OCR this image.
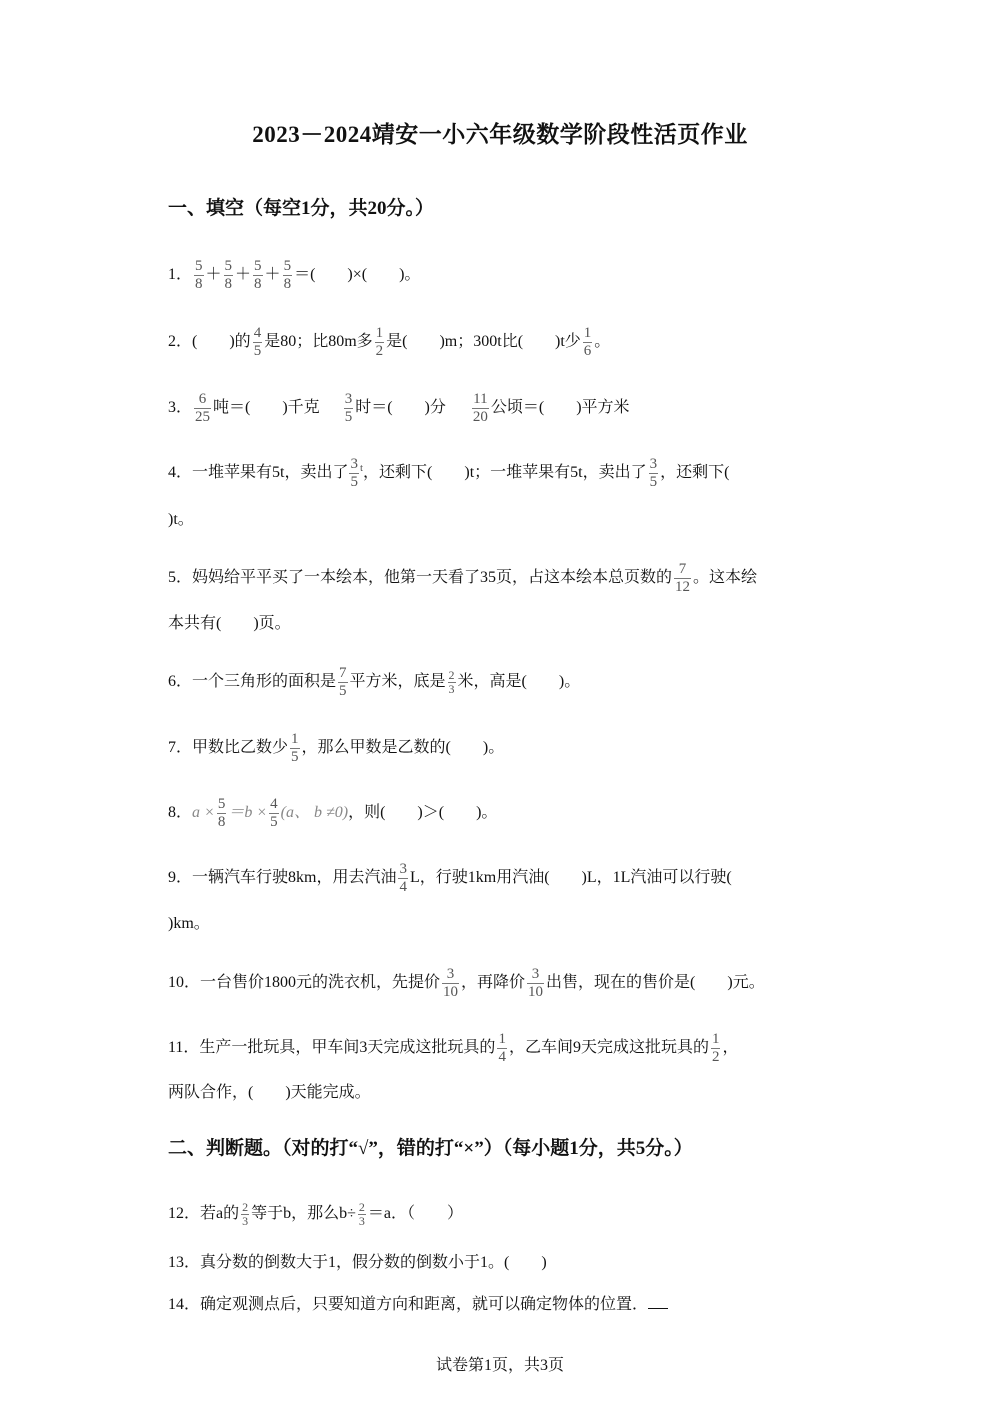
2023－2024靖安一小六年级数学阶段性活页作业
一、填空（每空1分，共20分。）
1． $\frac{5}{8} + \frac{5}{8} + \frac{5}{8} + \frac{5}{8}$ ＝(　　)×(　　)。
2．(　　)的 $\frac{4}{5}$ 是80；比80m多 $\frac{1}{2}$ 是(　　)m；300t比(　　)t少 $\frac{1}{6}$ 。
3． $\frac{6}{25}$ 吨＝(　　)千克 $\frac{3}{5}$ 时＝(　　)分 $\frac{11}{20}$ 公顷＝(　　)平方米
4．一堆苹果有5t，卖出了 $\frac{3}{5} ^t$，还剩下(　　)t；一堆苹果有5t，卖出了 $\frac{3}{5}$ ，还剩下(
)t。
5．妈妈给平平买了一本绘本，他第一天看了35页，占这本绘本总页数的 $\frac{7}{12}$ 。这本绘
本共有(　　)页。
6．一个三角形的面积是 $\frac{7}{5}$ 平方米，底是 $\frac{2}{3}$ 米，高是(　　)。
7．甲数比乙数少 $\frac{1}{5}$ ，那么甲数是乙数的(　　)。
8．$a \times \frac{5}{8} =b \times \frac{4}{5} (a$、 b ≠0)，则(　　)＞(　　)。
9．一辆汽车行驶8km，用去汽油 $\frac{3}{4}$ L，行驶1km用汽油(　　)L，1L汽油可以行驶(
)km。
10．一台售价1800元的洗衣机，先提价 $\frac{3}{10}$ ，再降价 $\frac{3}{10}$ 出售，现在的售价是(　　)元。
11．生产一批玩具，甲车间3天完成这批玩具的 $\frac{1}{4}$ ，乙车间9天完成这批玩具的 $\frac{1}{2}$ ，
两队合作，(　　)天能完成。
二、判断题。（对的打“√”，错的打“×”）（每小题1分，共5分。）
12．若a的 $\frac{2}{3}$ 等于b，那么$b\div \frac{2}{3} =a$．（　　）
13．真分数的倒数大于1，假分数的倒数小于1。(　　)
14．确定观测点后，只要知道方向和距离，就可以确定物体的位置．
试卷第1页，共3页
